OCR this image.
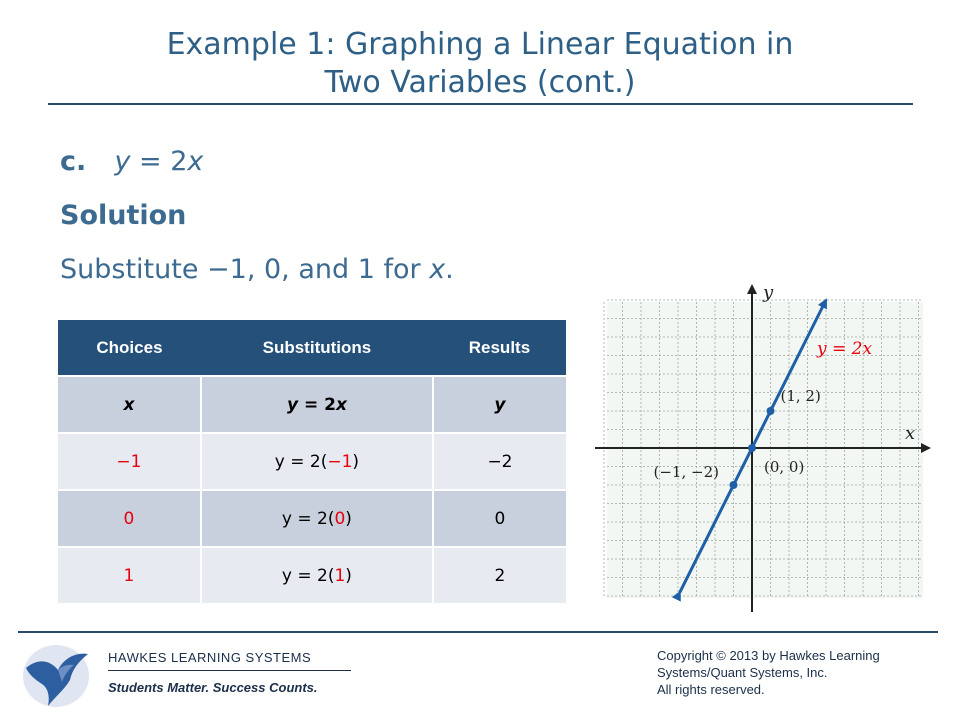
Example 1: Graphing a Linear Equation in
Two Variables (cont.)
c. y = 2x
Solution
Substitute −1, 0, and 1 for x.
Choices	Substitutions	Results
x	y = 2x	y
−1	y = 2(−1)	−2
0	y = 2(0)	0
1	y = 2(1)	2
x
y
(−1, −2)	(0, 0)
(1, 2)
y = 2x
HAWKES LEARNING SYSTEMS
Students Matter. Success Counts.
Copyright © 2013 by Hawkes Learning
Systems/Quant Systems, Inc.
All rights reserved.
